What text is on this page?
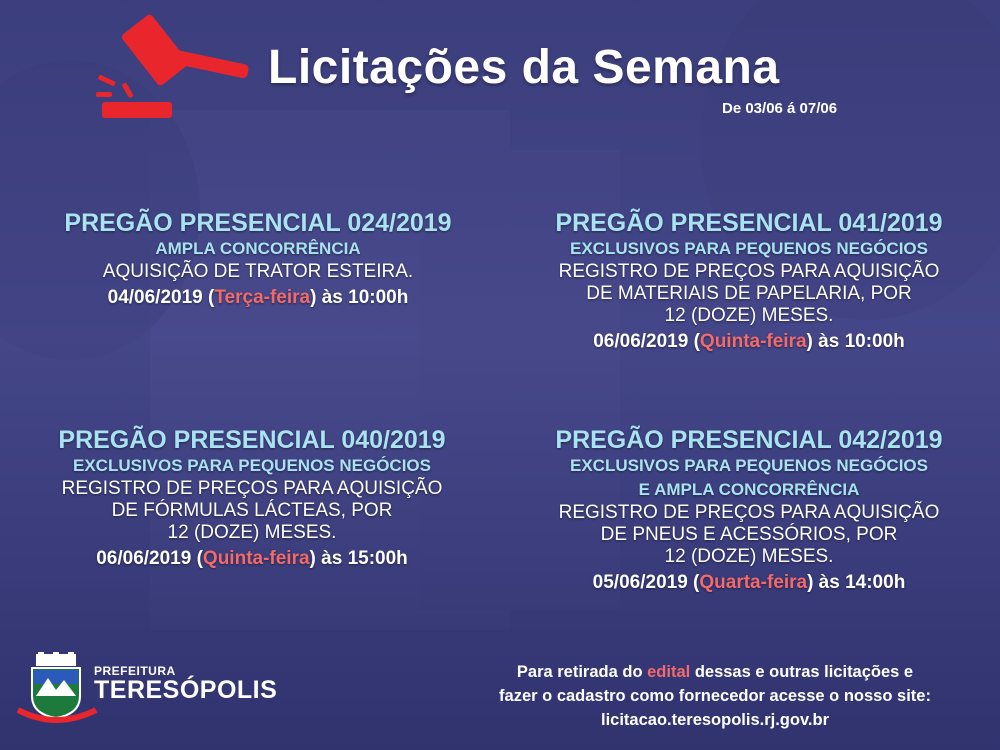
Licitações da Semana
De 03/06 á 07/06
PREGÃO PRESENCIAL 024/2019
AMPLA CONCORRÊNCIA
AQUISIÇÃO DE TRATOR ESTEIRA.
04/06/2019 (Terça-feira) às 10:00h
PREGÃO PRESENCIAL 041/2019
EXCLUSIVOS PARA PEQUENOS NEGÓCIOS
REGISTRO DE PREÇOS PARA AQUISIÇÃO
DE MATERIAIS DE PAPELARIA, POR
12 (DOZE) MESES.
06/06/2019 (Quinta-feira) às 10:00h
PREGÃO PRESENCIAL 040/2019
EXCLUSIVOS PARA PEQUENOS NEGÓCIOS
REGISTRO DE PREÇOS PARA AQUISIÇÃO
DE FÓRMULAS LÁCTEAS, POR
12 (DOZE) MESES.
06/06/2019 (Quinta-feira) às 15:00h
PREGÃO PRESENCIAL 042/2019
EXCLUSIVOS PARA PEQUENOS NEGÓCIOS
E AMPLA CONCORRÊNCIA
REGISTRO DE PREÇOS PARA AQUISIÇÃO
DE PNEUS E ACESSÓRIOS, POR
12 (DOZE) MESES.
05/06/2019 (Quarta-feira) às 14:00h
PREFEITURA
TERESÓPOLIS
Para retirada do edital dessas e outras licitações e
fazer o cadastro como fornecedor acesse o nosso site:
licitacao.teresopolis.rj.gov.br
